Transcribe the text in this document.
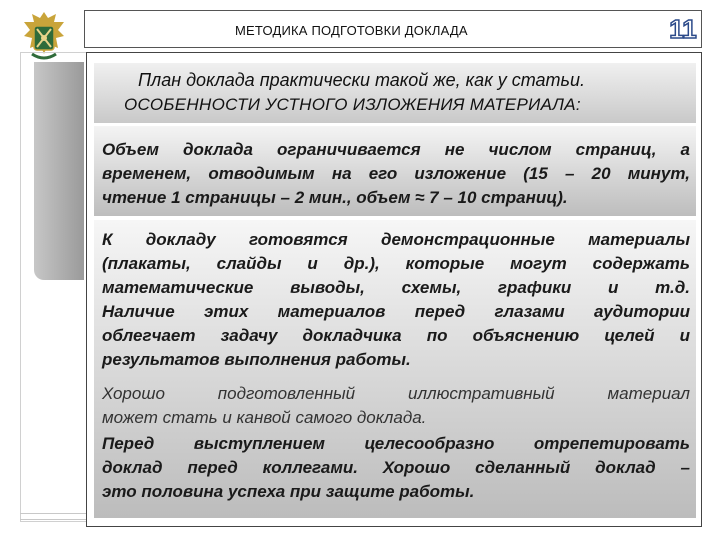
МЕТОДИКА ПОДГОТОВКИ ДОКЛАДА	11
План доклада практически такой же, как у статьи.
ОСОБЕННОСТИ УСТНОГО ИЗЛОЖЕНИЯ МАТЕРИАЛА:
Объем доклада ограничивается не числом страниц, а
временем, отводимым на его изложение (15 – 20 минут,
чтение 1 страницы – 2 мин., объем ≈ 7 – 10 страниц).
К докладу готовятся демонстрационные материалы
(плакаты, слайды и др.), которые могут содержать
математические выводы, схемы, графики и т.д.
Наличие этих материалов перед глазами аудитории
облегчает задачу докладчика по объяснению целей и
результатов выполнения работы.
Хорошо подготовленный иллюстративный материал
может стать и канвой самого доклада.
Перед выступлением целесообразно отрепетировать
доклад перед коллегами. Хорошо сделанный доклад –
это половина успеха при защите работы.
